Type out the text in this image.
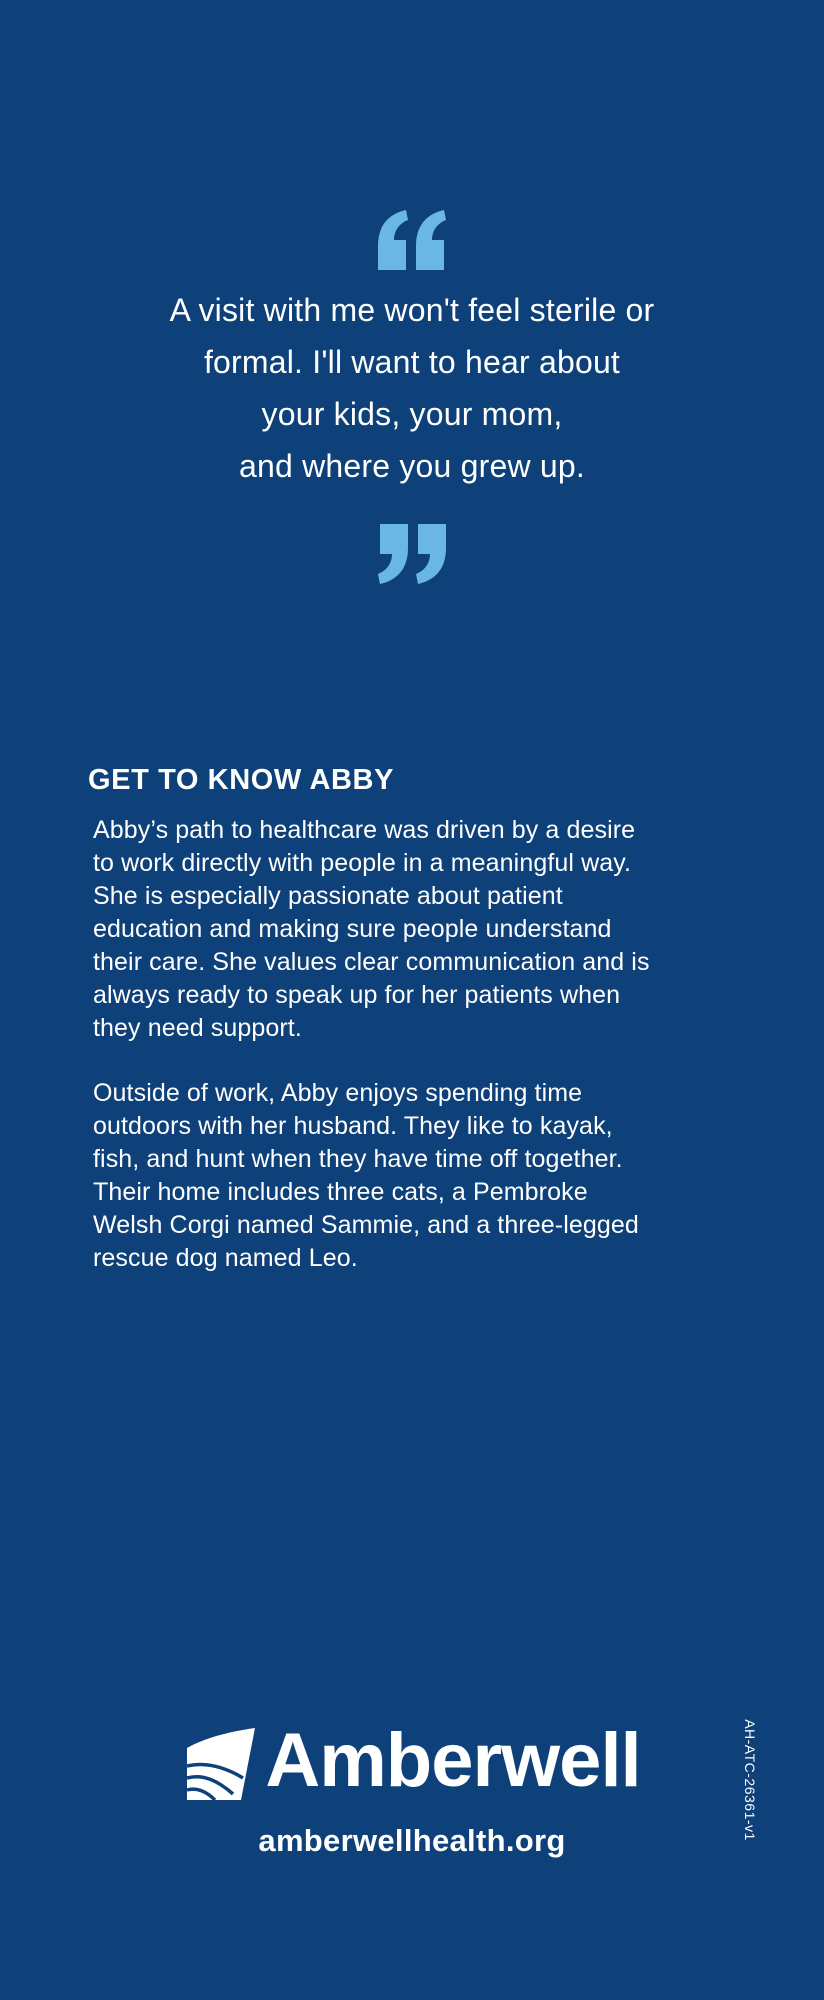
A visit with me won't feel sterile or
formal. I'll want to hear about
your kids, your mom,
and where you grew up.

GET TO KNOW ABBY

Abby’s path to healthcare was driven by a desire
to work directly with people in a meaningful way.
She is especially passionate about patient
education and making sure people understand
their care. She values clear communication and is
always ready to speak up for her patients when
they need support.

Outside of work, Abby enjoys spending time
outdoors with her husband. They like to kayak,
fish, and hunt when they have time off together.
Their home includes three cats, a Pembroke
Welsh Corgi named Sammie, and a three-legged
rescue dog named Leo.

Amberwell
amberwellhealth.org	AH-ATC-26361-v1
